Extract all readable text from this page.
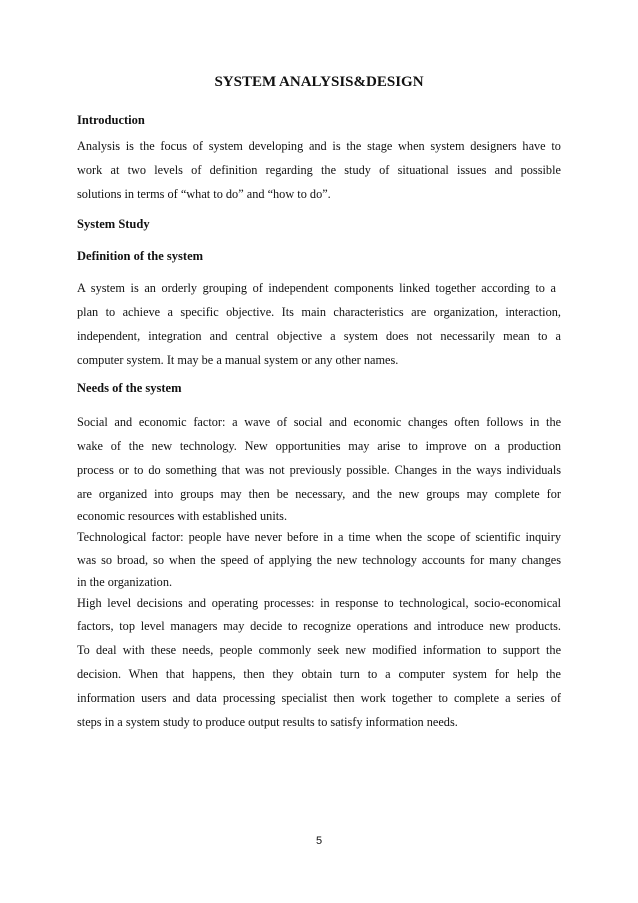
SYSTEM ANALYSIS&DESIGN
Introduction
Analysis is the focus of system developing and is the stage when system designers have to
work at two levels of definition regarding the study of situational issues and possible
solutions in terms of “what to do” and “how to do”.
System Study
Definition of the system
A system is an orderly grouping of independent components linked together according to a
plan to achieve a specific objective. Its main characteristics are organization, interaction,
independent, integration and central objective a system does not necessarily mean to a
computer system. It may be a manual system or any other names.
Needs of the system
Social and economic factor: a wave of social and economic changes often follows in the
wake of the new technology. New opportunities may arise to improve on a production
process or to do something that was not previously possible. Changes in the ways individuals
are organized into groups may then be necessary, and the new groups may complete for
economic resources with established units.
Technological factor: people have never before in a time when the scope of scientific inquiry
was so broad, so when the speed of applying the new technology accounts for many changes
in the organization.
High level decisions and operating processes: in response to technological, socio-economical
factors, top level managers may decide to recognize operations and introduce new products.
To deal with these needs, people commonly seek new modified information to support the
decision. When that happens, then they obtain turn to a computer system for help the
information users and data processing specialist then work together to complete a series of
steps in a system study to produce output results to satisfy information needs.
5
